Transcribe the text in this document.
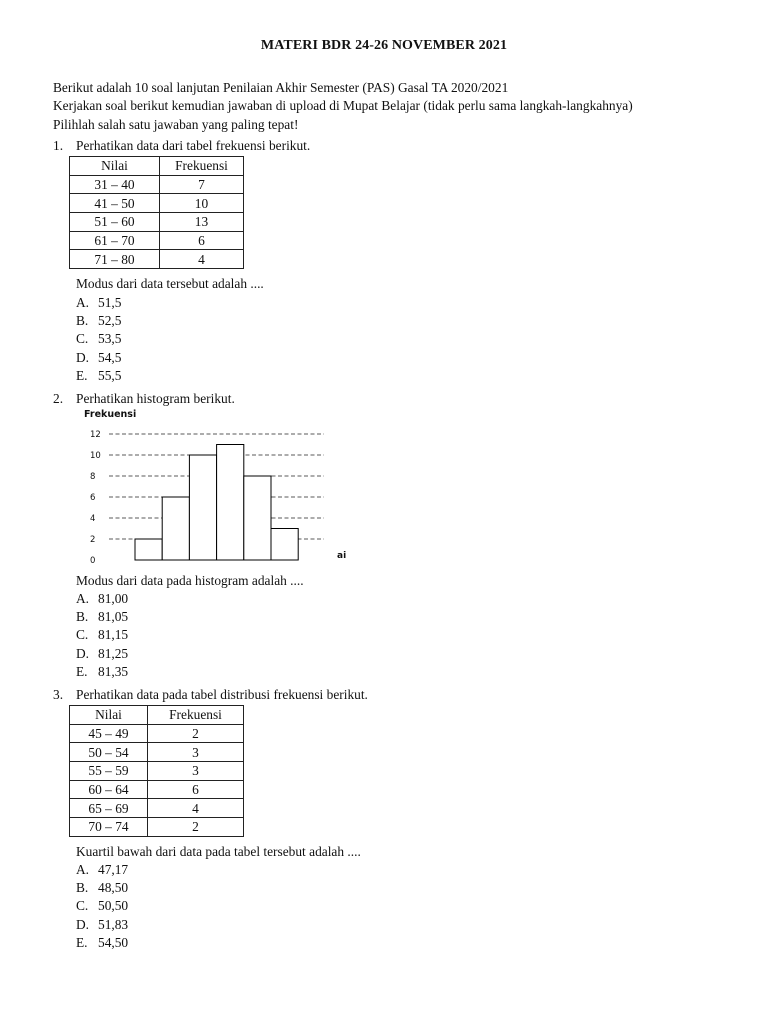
MATERI BDR 24-26 NOVEMBER 2021
Berikut adalah 10 soal lanjutan Penilaian Akhir Semester (PAS) Gasal TA 2020/2021
Kerjakan soal berikut kemudian jawaban di upload di Mupat Belajar (tidak perlu sama langkah-langkahnya)
Pilihlah salah satu jawaban yang paling tepat!
1. Perhatikan data dari tabel frekuensi berikut.
Nilai	Frekuensi
31 – 40	7
41 – 50	10
51 – 60	13
61 – 70	6
71 – 80	4
Modus dari data tersebut adalah ....
A. 51,5
B. 52,5
C. 53,5
D. 54,5
E. 55,5
2. Perhatikan histogram berikut.
Frekuensi
ai
0
2
4
6
8
10
12
Modus dari data pada histogram adalah ....
A. 81,00
B. 81,05
C. 81,15
D. 81,25
E. 81,35
3. Perhatikan data pada tabel distribusi frekuensi berikut.
Nilai	Frekuensi
45 – 49	2
50 – 54	3
55 – 59	3
60 – 64	6
65 – 69	4
70 – 74	2
Kuartil bawah dari data pada tabel tersebut adalah ....
A. 47,17
B. 48,50
C. 50,50
D. 51,83
E. 54,50
